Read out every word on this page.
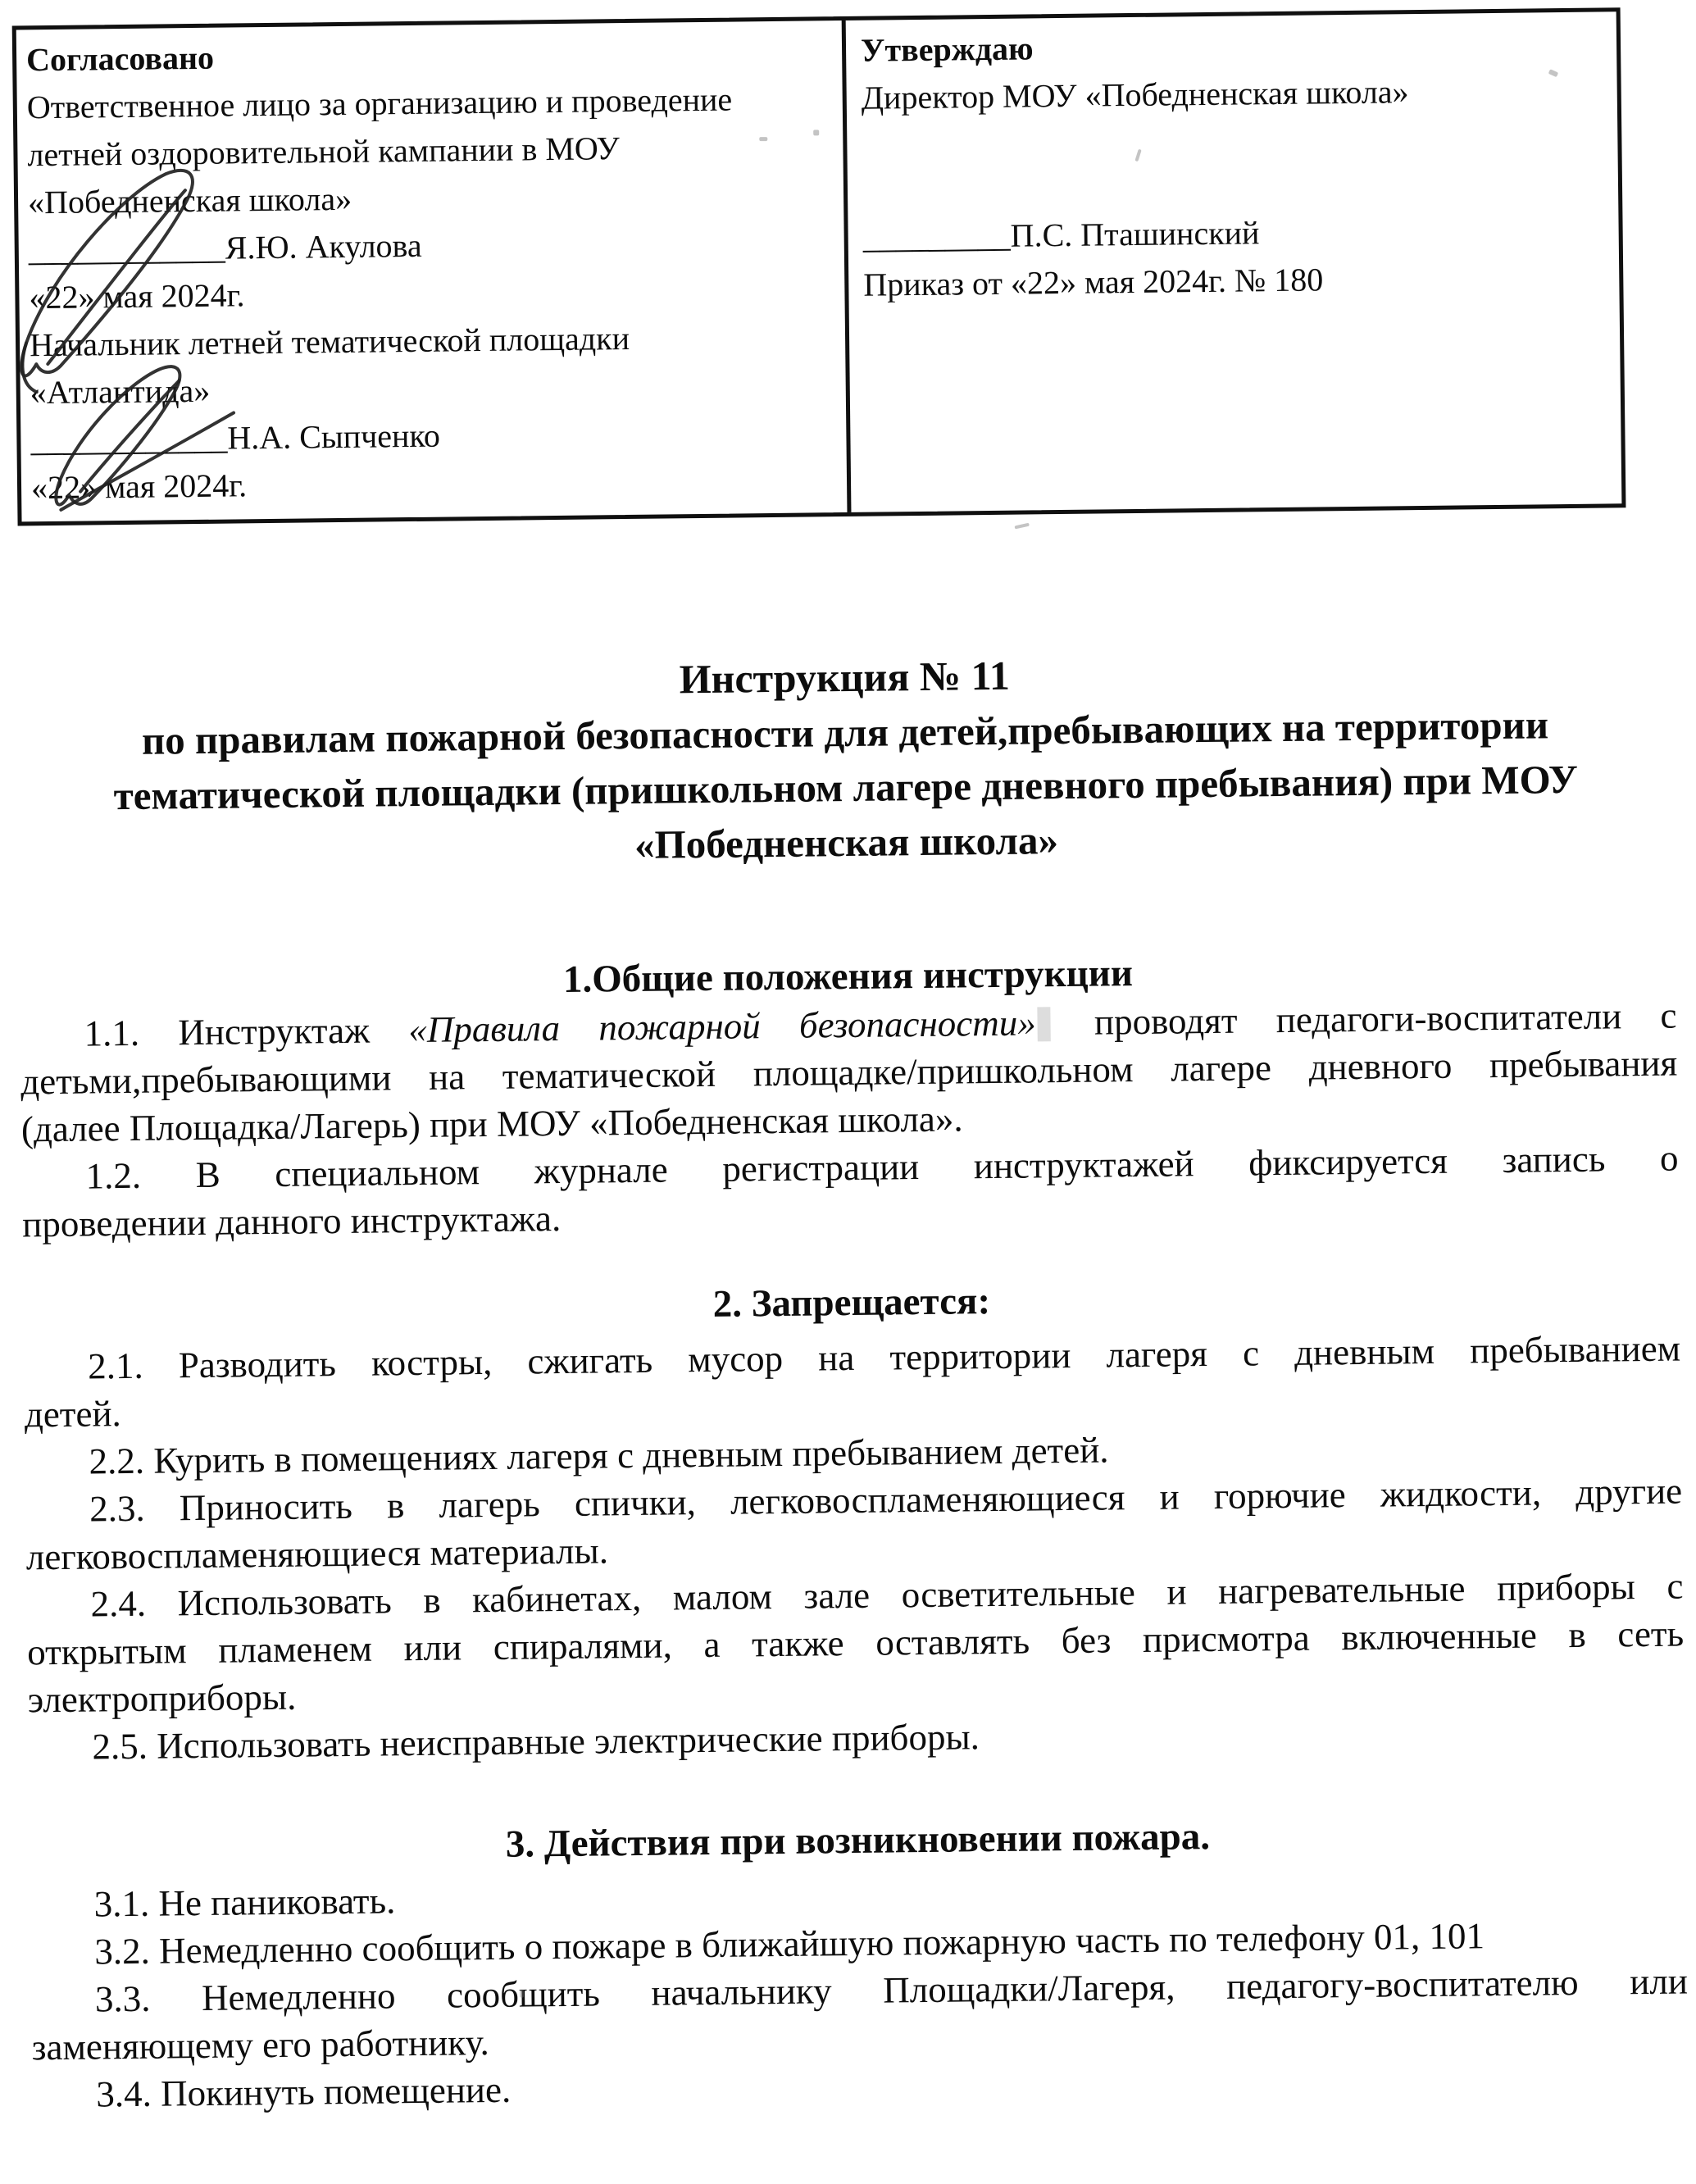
Согласовано
Ответственное лицо за организацию и проведение
летней оздоровительной кампании в МОУ
«Победненская школа»
____________Я.Ю. Акулова
«22» мая 2024г.
Начальник летней тематической площадки
«Атлантида»
____________Н.А. Сыпченко
«22» мая 2024г.
Утверждаю
Директор МОУ «Победненская школа»
_________П.С. Пташинский
Приказ от «22» мая 2024г. № 180
Инструкция № 11
по правилам пожарной безопасности для детей,пребывающих на территории
тематической площадки (пришкольном лагере дневного пребывания) при МОУ
«Победненская школа»
1.Общие положения инструкции
1.1. Инструктаж «Правила пожарной безопасности» проводят педагоги-воспитатели с
детьми,пребывающими на тематической площадке/пришкольном лагере дневного пребывания
(далее Площадка/Лагерь) при МОУ «Победненская школа».
1.2. В специальном журнале регистрации инструктажей фиксируется запись о
проведении данного инструктажа.
2. Запрещается:
2.1. Разводить костры, сжигать мусор на территории лагеря с дневным пребыванием
детей.
2.2. Курить в помещениях лагеря с дневным пребыванием детей.
2.3. Приносить в лагерь спички, легковоспламеняющиеся и горючие жидкости, другие
легковоспламеняющиеся материалы.
2.4. Использовать в кабинетах, малом зале осветительные и нагревательные приборы с
открытым пламенем или спиралями, а также оставлять без присмотра включенные в сеть
электроприборы.
2.5. Использовать неисправные электрические приборы.
3. Действия при возникновении пожара.
3.1. Не паниковать.
3.2. Немедленно сообщить о пожаре в ближайшую пожарную часть по телефону 01, 101
3.3. Немедленно сообщить начальнику Площадки/Лагеря, педагогу-воспитателю или
заменяющему его работнику.
3.4. Покинуть помещение.
